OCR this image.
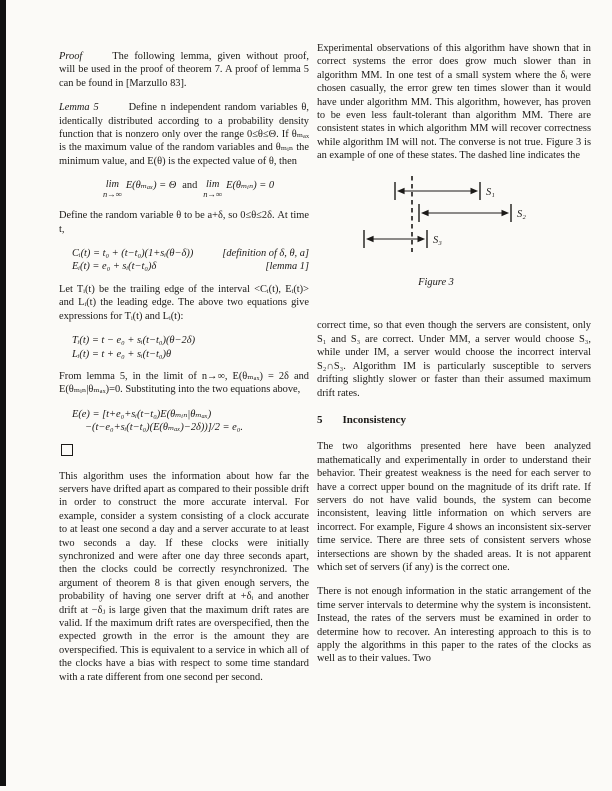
Proof	The following lemma, given without proof, will be used in the proof of theorem 7. A proof of lemma 5 can be found in [Marzullo 83].

Lemma 5	Define n independent random variables θ, identically distributed according to a probability density function that is nonzero only over the range 0≤θ≤Θ. If θₘₐₓ is the maximum value of the random variables and θₘᵢₙ the minimum value, and E(θ) is the expected value of θ, then

lim
n→∞
E(θₘₐₓ) = Θ and lim
n→∞
E(θₘᵢₙ) = 0

Define the random variable θ to be a+δ, so 0≤θ≤2δ. At time t,

Cᵢ(t) = t₀ + (t−t₀)(1+sᵢ(θ−δ))	[definition of δ, θ, a]
Eᵢ(t) = e₀ + sᵢ(t−t₀)δ	[lemma 1]

Let Tᵢ(t) be the trailing edge of the interval <Cᵢ(t), Eᵢ(t)> and Lᵢ(t) the leading edge. The above two equations give expressions for Tᵢ(t) and Lᵢ(t):

Tᵢ(t) = t − e₀ + sᵢ(t−t₀)(θ−2δ)
Lᵢ(t) = t + e₀ + sᵢ(t−t₀)θ

From lemma 5, in the limit of n→∞, E(θₘₐₓ) = 2δ and E(θₘᵢₙ|θₘₐₓ)=0. Substituting into the two equations above,

E(e) = [t+e₀+sᵢ(t−t₀)E(θₘᵢₙ|θₘₐₓ)
−(t−e₀+sᵢ(t−t₀)(E(θₘₐₓ)−2δ))]/2 = e₀.

This algorithm uses the information about how far the servers have drifted apart as compared to their possible drift in order to construct the more accurate interval. For example, consider a system consisting of a clock accurate to at least one second a day and a server accurate to at least two seconds a day. If these clocks were initially synchronized and were after one day three seconds apart, then the clocks could be correctly resynchronized. The argument of theorem 8 is that given enough servers, the probability of having one server drift at +δᵢ and another drift at −δⱼ is large given that the maximum drift rates are valid. If the maximum drift rates are overspecified, then the expected growth in the error is the amount they are overspecified. This is equivalent to a service in which all of the clocks have a bias with respect to some time standard with a rate different from one second per second.

Experimental observations of this algorithm have shown that in correct systems the error does grow much slower than in algorithm MM. In one test of a small system where the δᵢ were chosen casually, the error grew ten times slower than it would have under algorithm MM. This algorithm, however, has proven to be even less fault-tolerant than algorithm MM. There are consistent states in which algorithm MM will recover correctness while algorithm IM will not. The converse is not true. Figure 3 is an example of one of these states. The dashed line indicates the

S₁
S₂
S₃
Figure 3

correct time, so that even though the servers are consistent, only S₁ and S₃ are correct. Under MM, a server would choose S₃, while under IM, a server would choose the incorrect interval S₂∩S₃. Algorithm IM is particularly susceptible to servers drifting slightly slower or faster than their assumed maximum drift rates.

5 Inconsistency

The two algorithms presented here have been analyzed mathematically and experimentally in order to understand their behavior. Their greatest weakness is the need for each server to have a correct upper bound on the magnitude of its drift rate. If servers do not have valid bounds, the system can become inconsistent, leaving little information on which servers are incorrect. For example, Figure 4 shows an inconsistent six-server time service. There are three sets of consistent servers whose intersections are shown by the shaded areas. It is not apparent which set of servers (if any) is the correct one.

There is not enough information in the static arrangement of the time server intervals to determine why the system is inconsistent. Instead, the rates of the servers must be examined in order to determine how to recover. An interesting approach to this is to apply the algorithms in this paper to the rates of the clocks as well as to their values. Two
